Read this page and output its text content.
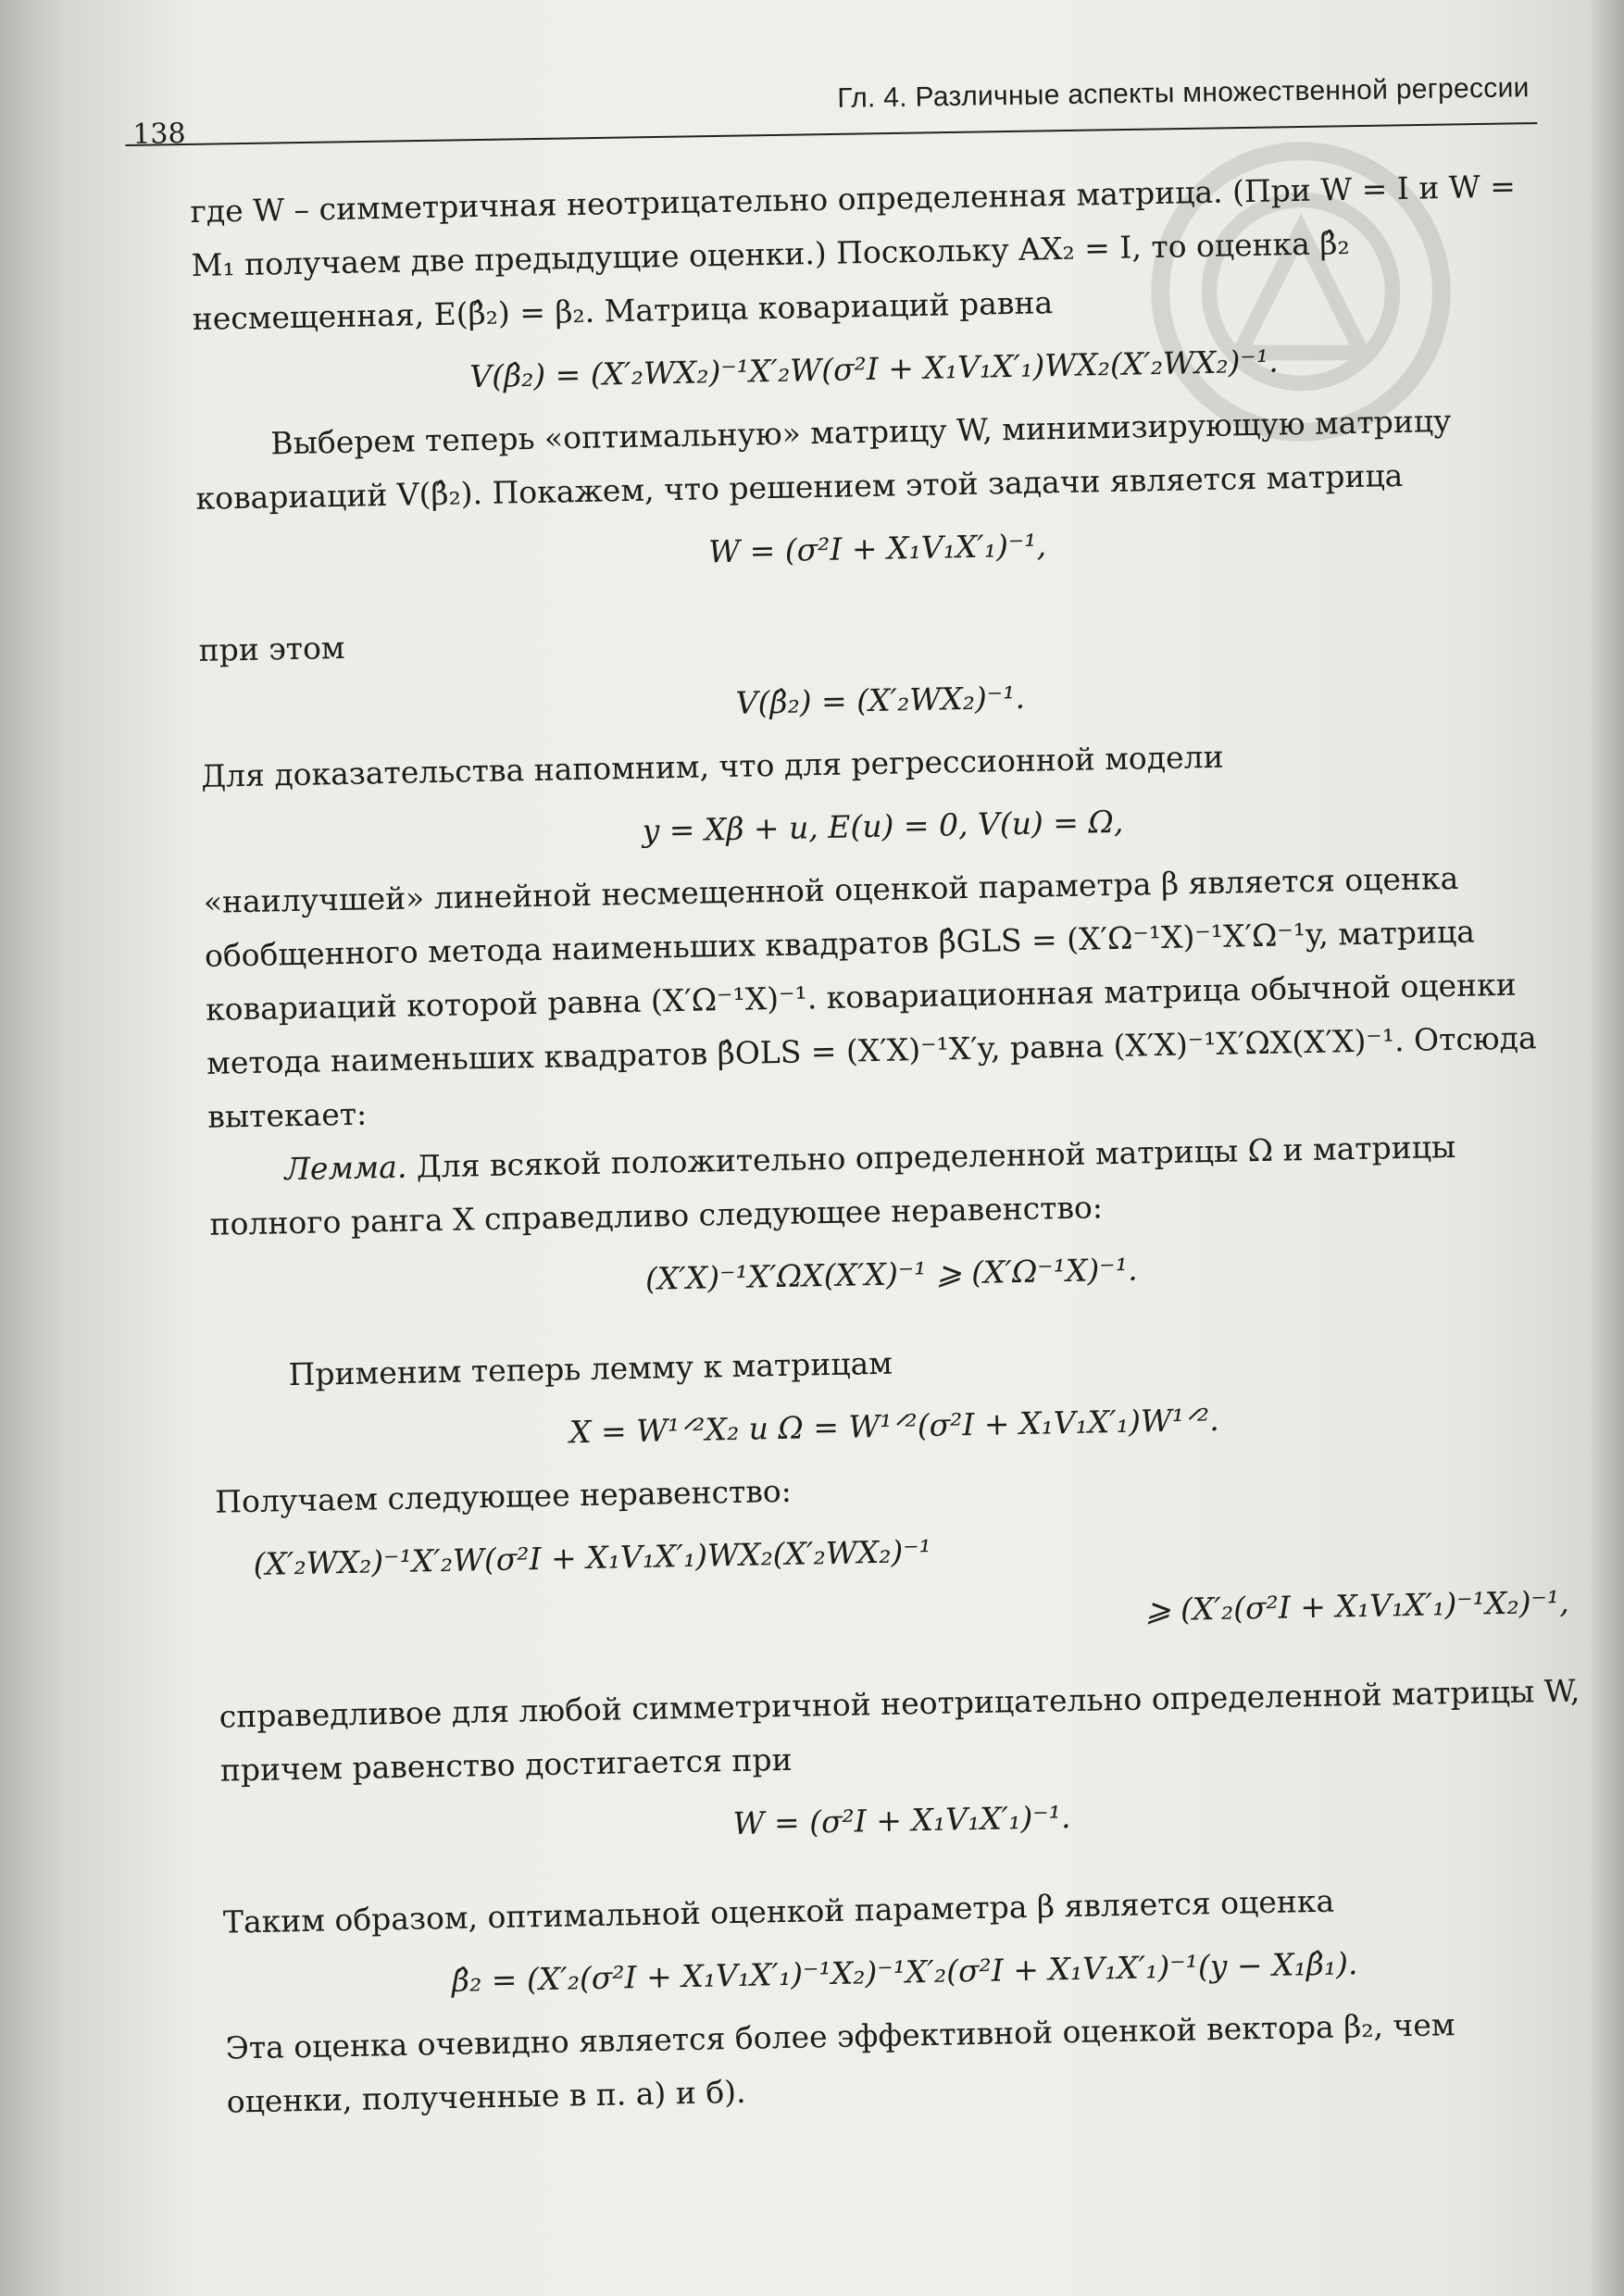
138
Гл. 4. Различные аспекты множественной регрессии

где W – симметричная неотрицательно определенная матрица. (При W = I и W = M₁ получаем две предыдущие оценки.) Поскольку AX₂ = I, то оценка β̂₂ несмещенная, E(β̂₂) = β₂. Матрица ковариаций равна

V(β̂₂) = (X′₂WX₂)⁻¹X′₂W(σ²I + X₁V₁X′₁)WX₂(X′₂WX₂)⁻¹.

Выберем теперь «оптимальную» матрицу W, минимизирующую матрицу ковариаций V(β̂₂). Покажем, что решением этой задачи является матрица

W = (σ²I + X₁V₁X′₁)⁻¹,

при этом

V(β̂₂) = (X′₂WX₂)⁻¹.

Для доказательства напомним, что для регрессионной модели

y = Xβ + u, E(u) = 0, V(u) = Ω,

«наилучшей» линейной несмещенной оценкой параметра β является оценка обобщенного метода наименьших квадратов β̂GLS = (X′Ω⁻¹X)⁻¹X′Ω⁻¹y, матрица ковариаций которой равна (X′Ω⁻¹X)⁻¹. ковариационная матрица обычной оценки метода наименьших квадратов β̂OLS = (X′X)⁻¹X′y, равна (X′X)⁻¹X′ΩX(X′X)⁻¹. Отсюда вытекает:

Лемма. Для всякой положительно определенной матрицы Ω и матрицы полного ранга X справедливо следующее неравенство:

(X′X)⁻¹X′ΩX(X′X)⁻¹ ⩾ (X′Ω⁻¹X)⁻¹.

Применим теперь лемму к матрицам

X = W¹ᐟ²X₂ и Ω = W¹ᐟ²(σ²I + X₁V₁X′₁)W¹ᐟ².

Получаем следующее неравенство:

(X′₂WX₂)⁻¹X′₂W(σ²I + X₁V₁X′₁)WX₂(X′₂WX₂)⁻¹
⩾ (X′₂(σ²I + X₁V₁X′₁)⁻¹X₂)⁻¹,

справедливое для любой симметричной неотрицательно определенной матрицы W, причем равенство достигается при

W = (σ²I + X₁V₁X′₁)⁻¹.

Таким образом, оптимальной оценкой параметра β является оценка

β̂₂ = (X′₂(σ²I + X₁V₁X′₁)⁻¹X₂)⁻¹X′₂(σ²I + X₁V₁X′₁)⁻¹(y − X₁β̂₁).

Эта оценка очевидно является более эффективной оценкой вектора β₂, чем оценки, полученные в п. а) и б).
